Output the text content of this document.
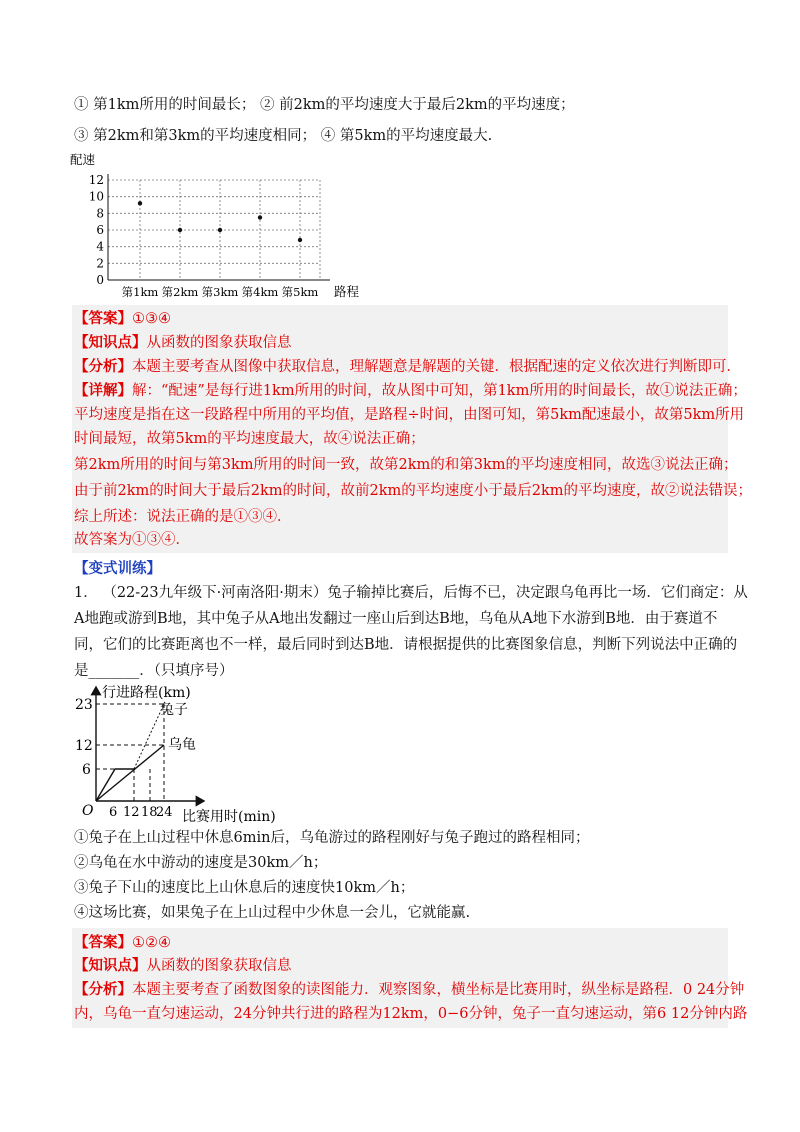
① 第1km所用的时间最长； ② 前2km的平均速度大于最后2km的平均速度；
③ 第2km和第3km的平均速度相同； ④ 第5km的平均速度最大.
配速
12
10
8
6
4
2
0
第1km 第2km 第3km 第4km 第5km 路程
【答案】①③④
【知识点】从函数的图象获取信息
【分析】本题主要考查从图像中获取信息，理解题意是解题的关键．根据配速的定义依次进行判断即可．
【详解】解：“配速”是每行进1km所用的时间，故从图中可知，第1km所用的时间最长，故①说法正确；
平均速度是指在这一段路程中所用的平均值，是路程÷时间，由图可知，第5km配速最小，故第5km所用
时间最短，故第5km的平均速度最大，故④说法正确；
第2km所用的时间与第3km所用的时间一致，故第2km的和第3km的平均速度相同，故选③说法正确；
由于前2km的时间大于最后2km的时间，故前2km的平均速度小于最后2km的平均速度，故②说法错误；
综上所述：说法正确的是①③④．
故答案为①③④．
【变式训练】
1． （22-23九年级下·河南洛阳·期末）兔子输掉比赛后，后悔不已，决定跟乌龟再比一场．它们商定：从
A地跑或游到B地，其中兔子从A地出发翻过一座山后到达B地，乌龟从A地下水游到B地．由于赛道不
同，它们的比赛距离也不一样，最后同时到达B地．请根据提供的比赛图象信息，判断下列说法中正确的
是_______．（只填序号）
行进路程(km)
比赛用时(min)
O
23
12
6
6 12 18
24
兔子
乌龟
①兔子在上山过程中休息6min后，乌龟游过的路程刚好与兔子跑过的路程相同；
②乌龟在水中游动的速度是30km／h；
③兔子下山的速度比上山休息后的速度快10km／h；
④这场比赛，如果兔子在上山过程中少休息一会儿，它就能赢.
【答案】①②④
【知识点】从函数的图象获取信息
【分析】本题主要考查了函数图象的读图能力．观察图象，横坐标是比赛用时，纵坐标是路程．0 24分钟
内，乌龟一直匀速运动，24分钟共行进的路程为12km，0−6分钟，兔子一直匀速运动，第6 12分钟内路
